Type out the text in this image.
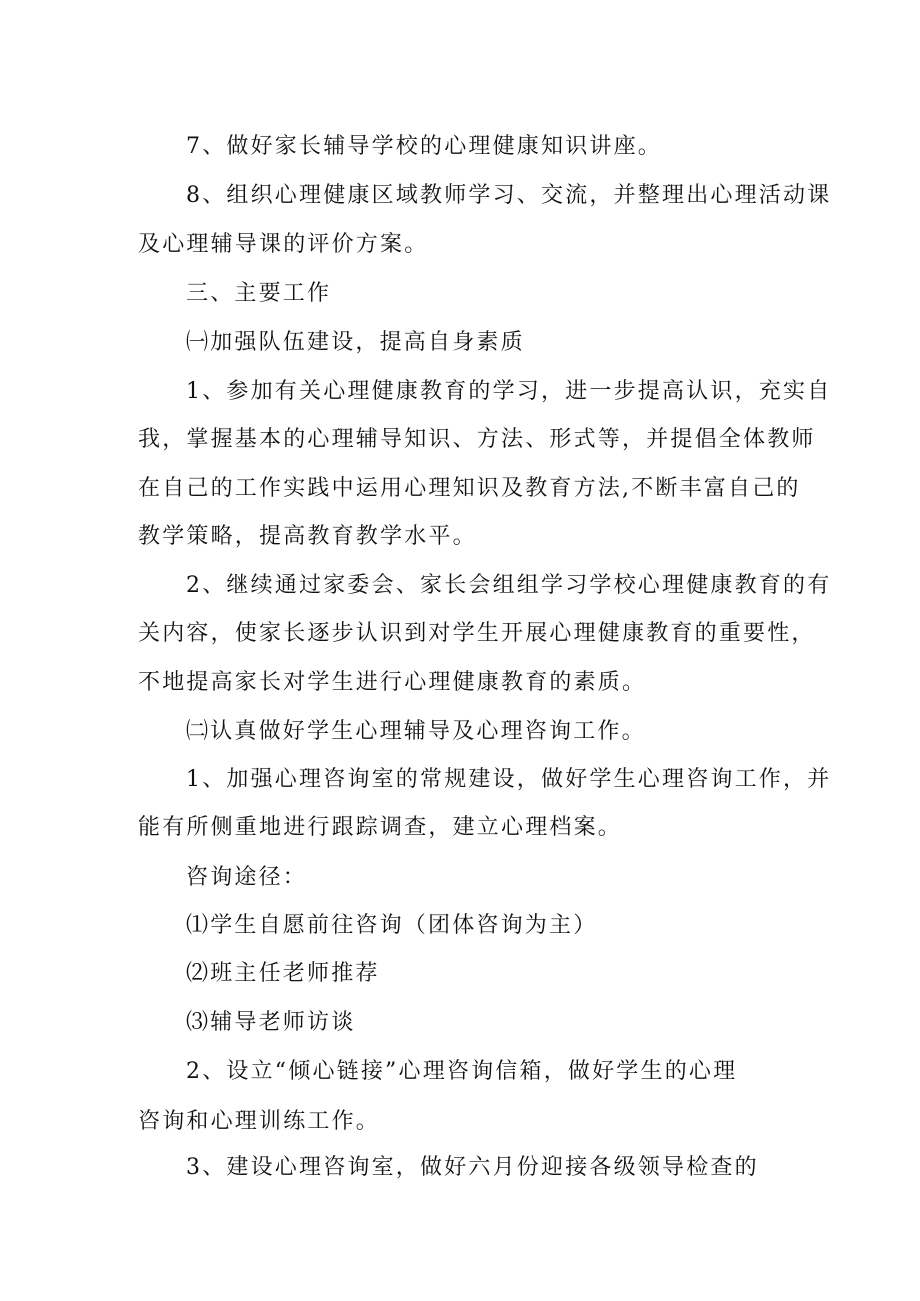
7、做好家长辅导学校的心理健康知识讲座。
8、组织心理健康区域教师学习、交流，并整理出心理活动课
及心理辅导课的评价方案。
三、主要工作
㈠加强队伍建设，提高自身素质
1、参加有关心理健康教育的学习，进一步提高认识，充实自
我，掌握基本的心理辅导知识、方法、形式等，并提倡全体教师
在自己的工作实践中运用心理知识及教育方法,不断丰富自己的
教学策略，提高教育教学水平。
2、继续通过家委会、家长会组组学习学校心理健康教育的有
关内容，使家长逐步认识到对学生开展心理健康教育的重要性，
不地提高家长对学生进行心理健康教育的素质。
㈡认真做好学生心理辅导及心理咨询工作。
1、加强心理咨询室的常规建设，做好学生心理咨询工作，并
能有所侧重地进行跟踪调查，建立心理档案。
咨询途径：
⑴学生自愿前往咨询（团体咨询为主）
⑵班主任老师推荐
⑶辅导老师访谈
2、设立“倾心链接”心理咨询信箱，做好学生的心理
咨询和心理训练工作。
3、建设心理咨询室，做好六月份迎接各级领导检查的
